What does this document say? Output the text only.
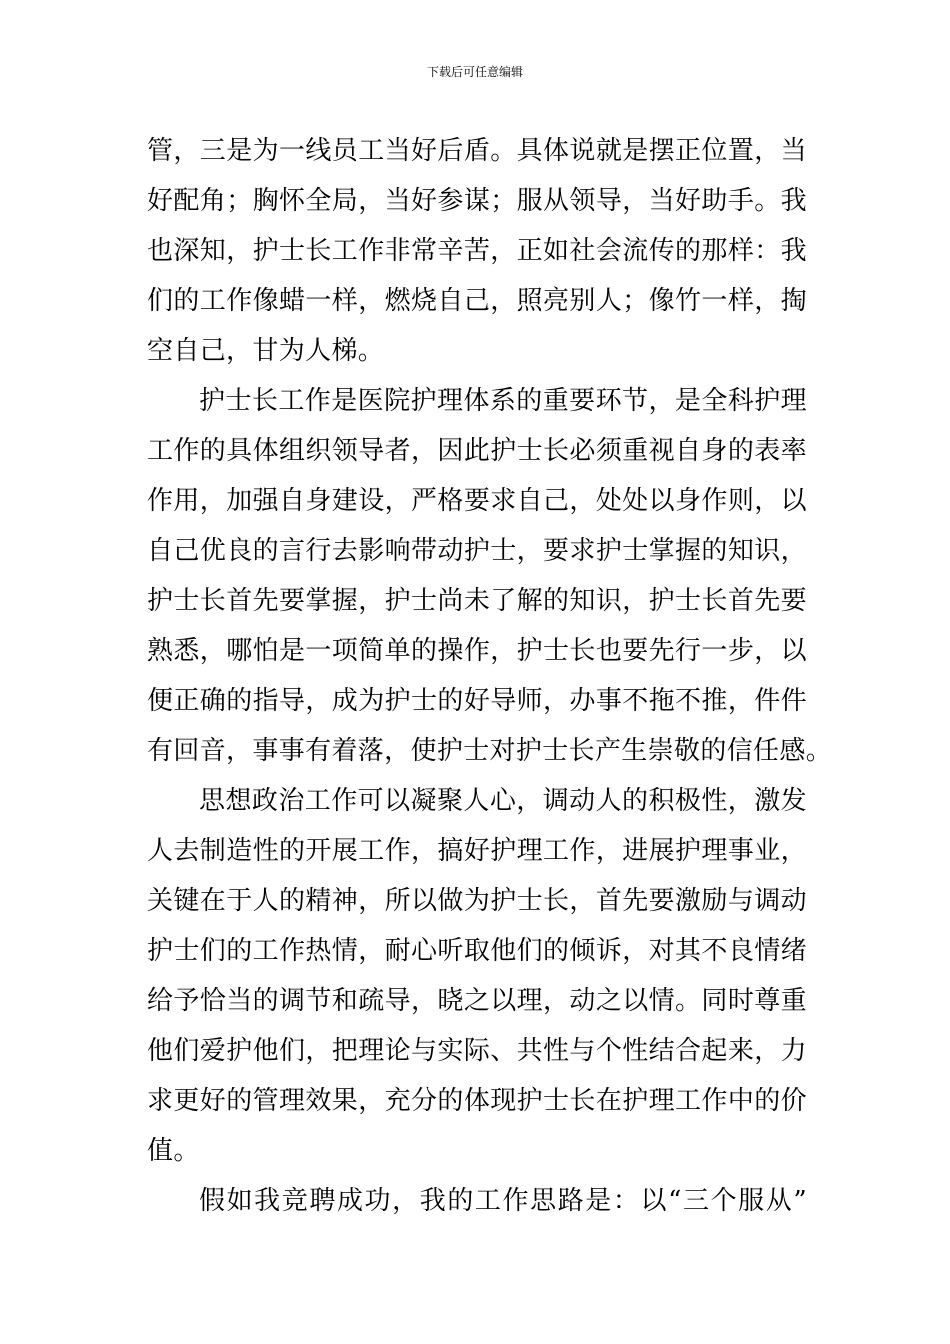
下载后可任意编辑
管，三是为一线员工当好后盾。具体说就是摆正位置，当
好配角；胸怀全局，当好参谋；服从领导，当好助手。我
也深知，护士长工作非常辛苦，正如社会流传的那样：我
们的工作像蜡一样，燃烧自己，照亮别人；像竹一样，掏
空自己，甘为人梯。
护士长工作是医院护理体系的重要环节，是全科护理
工作的具体组织领导者，因此护士长必须重视自身的表率
作用，加强自身建设，严格要求自己，处处以身作则，以
自己优良的言行去影响带动护士，要求护士掌握的知识，
护士长首先要掌握，护士尚未了解的知识，护士长首先要
熟悉，哪怕是一项简单的操作，护士长也要先行一步，以
便正确的指导，成为护士的好导师，办事不拖不推，件件
有回音，事事有着落，使护士对护士长产生崇敬的信任感。
思想政治工作可以凝聚人心，调动人的积极性，激发
人去制造性的开展工作，搞好护理工作，进展护理事业，
关键在于人的精神，所以做为护士长，首先要激励与调动
护士们的工作热情，耐心听取他们的倾诉，对其不良情绪
给予恰当的调节和疏导，晓之以理，动之以情。同时尊重
他们爱护他们，把理论与实际、共性与个性结合起来，力
求更好的管理效果，充分的体现护士长在护理工作中的价
值。
假如我竞聘成功，我的工作思路是：以“三个服从”
